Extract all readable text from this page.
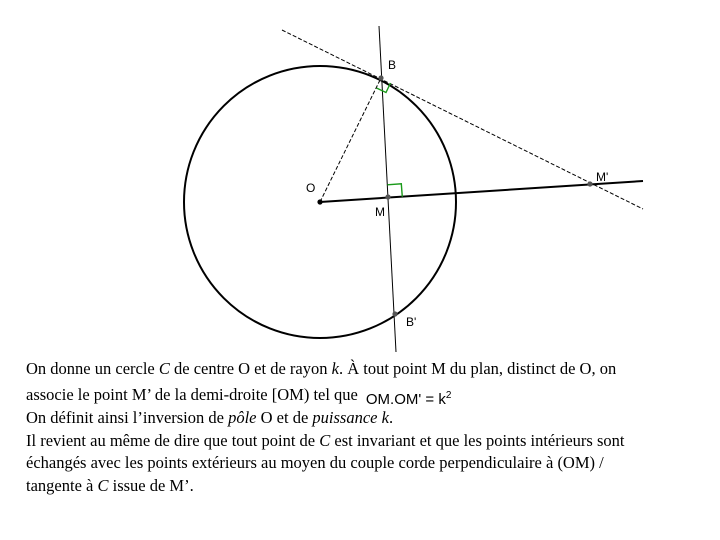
O
M
B
B'
M'
On donne un cercle C de centre O et de rayon k. À tout point M du plan, distinct de O, on
associe le point M’ de la demi-droite [OM) tel que $OM.OM' = k^2$
On définit ainsi l’inversion de pôle O et de puissance k.
Il revient au même de dire que tout point de C est invariant et que les points intérieurs sont
échangés avec les points extérieurs au moyen du couple corde perpendiculaire à (OM) /
tangente à C issue de M’.
